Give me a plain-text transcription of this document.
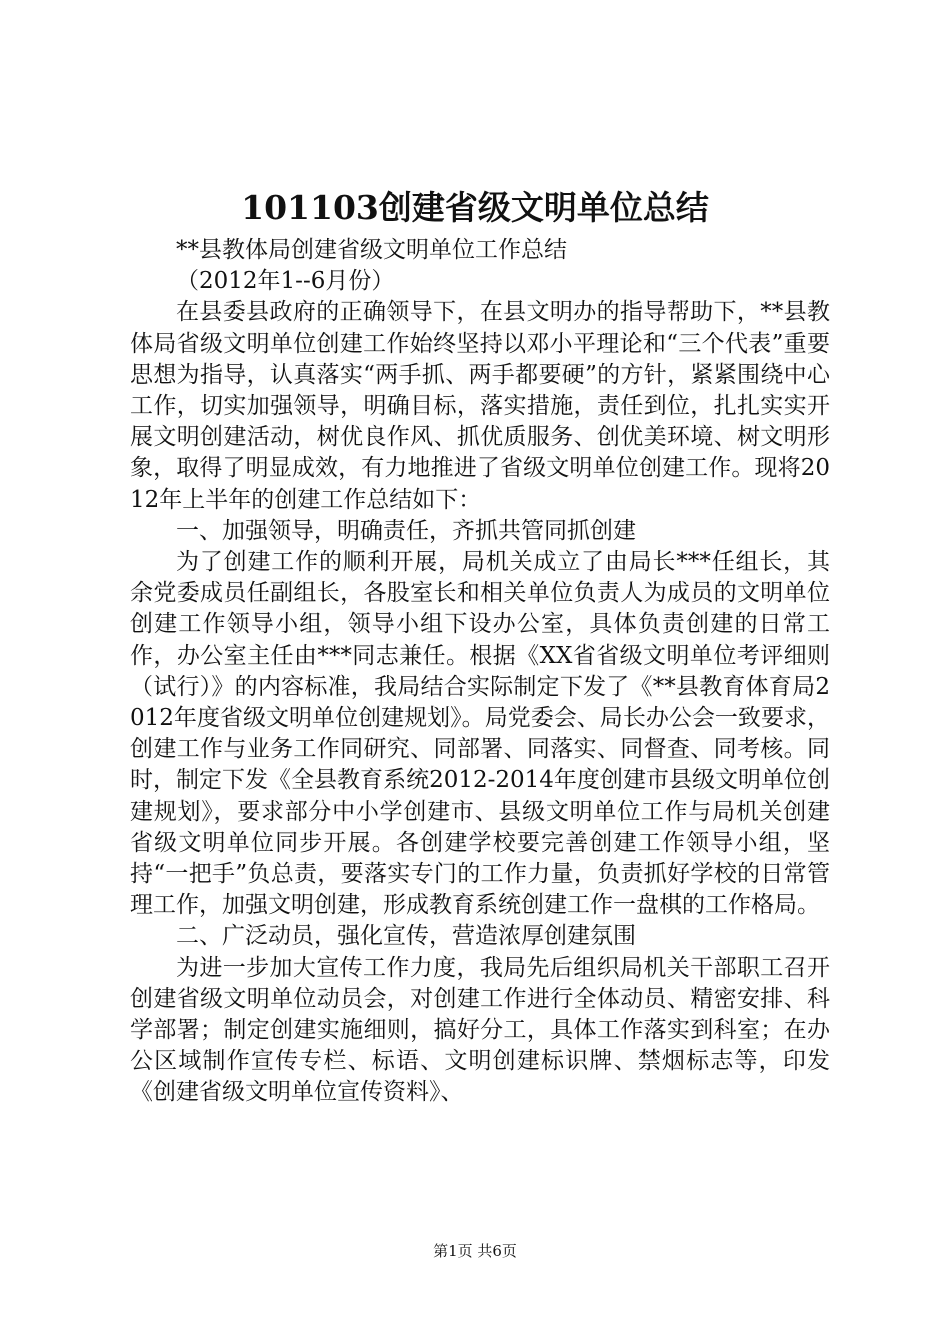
101103创建省级文明单位总结

**县教体局创建省级文明单位工作总结

（2012年1--6月份）

在县委县政府的正确领导下，在县文明办的指导帮助下，**县教体局省级文明单位创建工作始终坚持以邓小平理论和“三个代表”重要思想为指导，认真落实“两手抓、两手都要硬”的方针，紧紧围绕中心工作，切实加强领导，明确目标，落实措施，责任到位，扎扎实实开展文明创建活动，树优良作风、抓优质服务、创优美环境、树文明形象，取得了明显成效，有力地推进了省级文明单位创建工作。现将2012年上半年的创建工作总结如下：

一、加强领导，明确责任，齐抓共管同抓创建

为了创建工作的顺利开展，局机关成立了由局长***任组长，其余党委成员任副组长，各股室长和相关单位负责人为成员的文明单位创建工作领导小组，领导小组下设办公室，具体负责创建的日常工作，办公室主任由***同志兼任。根据《XX省省级文明单位考评细则（试行）》的内容标准，我局结合实际制定下发了《**县教育体育局2012年度省级文明单位创建规划》。局党委会、局长办公会一致要求，创建工作与业务工作同研究、同部署、同落实、同督查、同考核。同时，制定下发《全县教育系统2012-2014年度创建市县级文明单位创建规划》，要求部分中小学创建市、县级文明单位工作与局机关创建省级文明单位同步开展。各创建学校要完善创建工作领导小组，坚持“一把手”负总责，要落实专门的工作力量，负责抓好学校的日常管理工作，加强文明创建，形成教育系统创建工作一盘棋的工作格局。

二、广泛动员，强化宣传，营造浓厚创建氛围

为进一步加大宣传工作力度，我局先后组织局机关干部职工召开创建省级文明单位动员会，对创建工作进行全体动员、精密安排、科学部署；制定创建实施细则，搞好分工，具体工作落实到科室；在办公区域制作宣传专栏、标语、文明创建标识牌、禁烟标志等，印发《创建省级文明单位宣传资料》、

第1页 共6页
